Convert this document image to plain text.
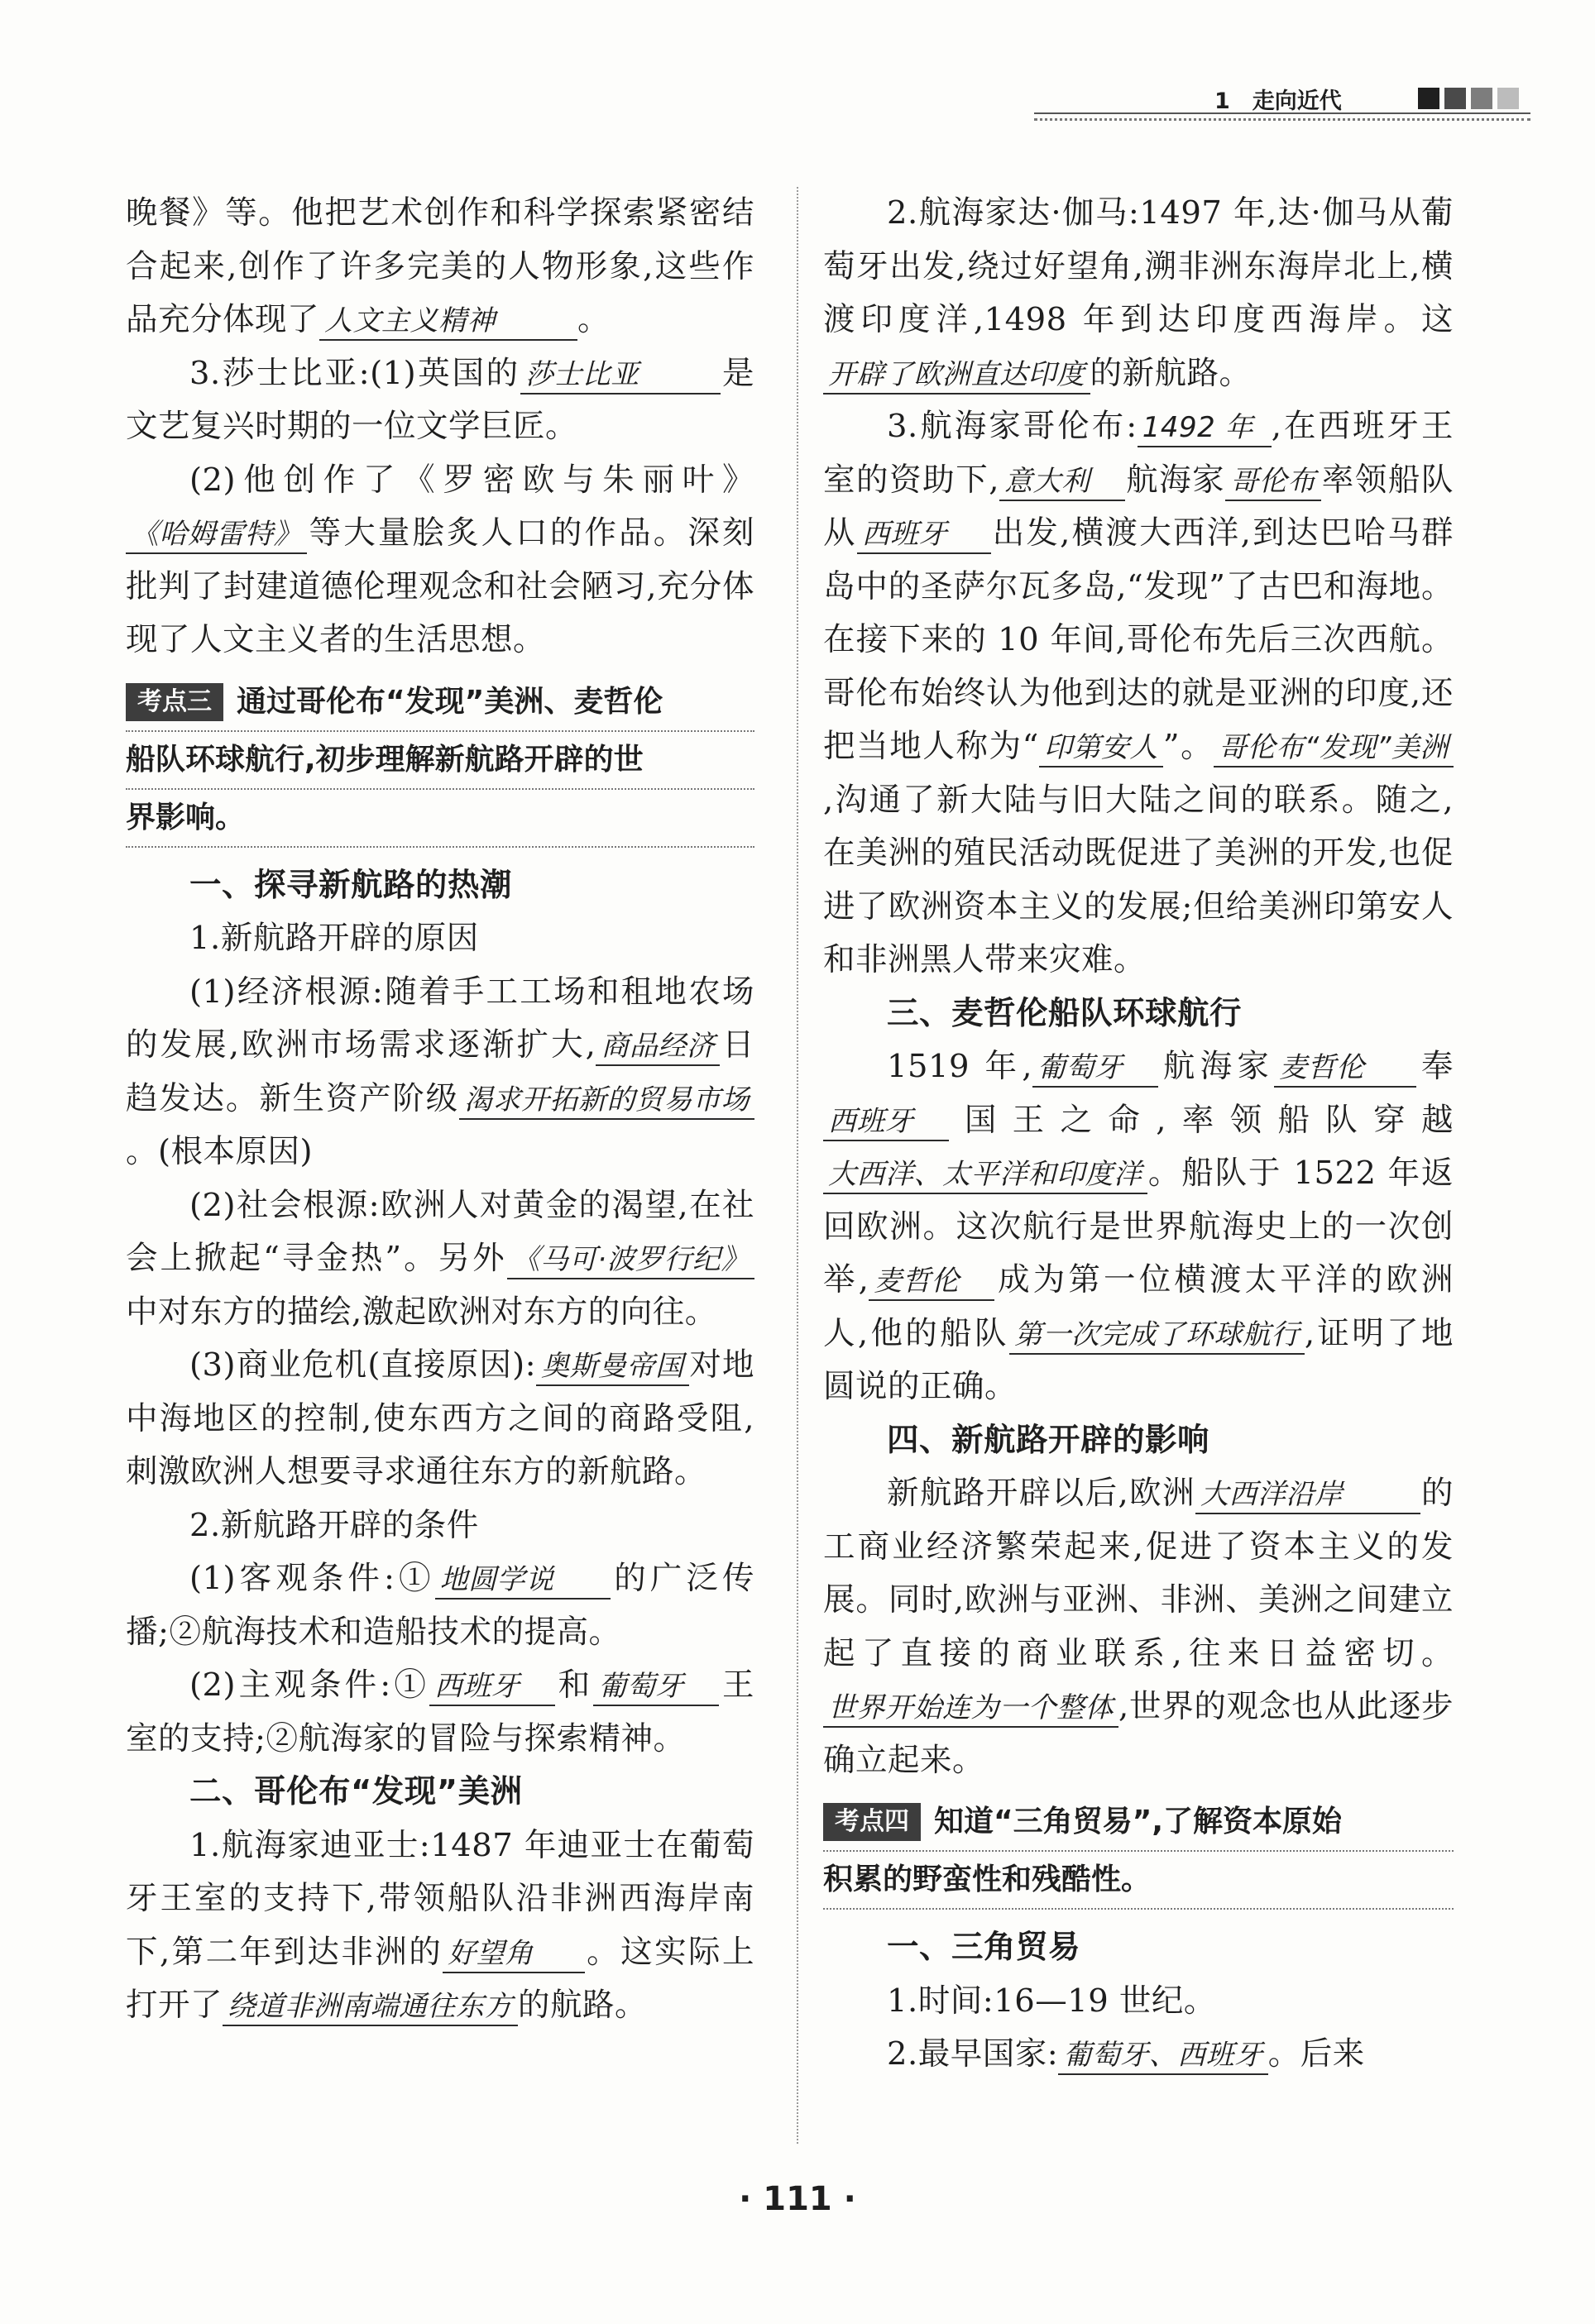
1　走向近代

晚餐》等。他把艺术创作和科学探索紧密结合起来,创作了许多完美的人物形象,这些作品充分体现了 人文主义精神	。

3.莎士比亚:(1)英国的 莎士比亚	是文艺复兴时期的一位文学巨匠。

(2)他创作了《罗密欧与朱丽叶》《哈姆雷特》 等大量脍炙人口的作品。深刻批判了封建道德伦理观念和社会陋习,充分体现了人文主义者的生活思想。

考点三 通过哥伦布“发现”美洲、麦哲伦

船队环球航行,初步理解新航路开辟的世

界影响。

一、探寻新航路的热潮

1.新航路开辟的原因

(1)经济根源:随着手工工场和租地农场的发展,欧洲市场需求逐渐扩大, 商品经济 日趋发达。新生资产阶级 渴求开拓新的贸易市场。(根本原因)

(2)社会根源:欧洲人对黄金的渴望,在社会上掀起“寻金热”。另外 《马可·波罗行纪》中对东方的描绘,激起欧洲对东方的向往。

(3)商业危机(直接原因): 奥斯曼帝国 对地中海地区的控制,使东西方之间的商路受阻,刺激欧洲人想要寻求通往东方的新航路。

2.新航路开辟的条件

(1)客观条件:① 地圆学说 的广泛传播;②航海技术和造船技术的提高。

(2)主观条件:① 西班牙 和 葡萄牙 王室的支持;②航海家的冒险与探索精神。

二、哥伦布“发现”美洲

1.航海家迪亚士:1487 年迪亚士在葡萄牙王室的支持下,带领船队沿非洲西海岸南下,第二年到达非洲的 好望角 。这实际上打开了 绕道非洲南端通往东方 的航路。

2.航海家达·伽马:1497 年,达·伽马从葡萄牙出发,绕过好望角,溯非洲东海岸北上,横渡印度洋,1498 年到达印度西海岸。这开辟了欧洲直达印度 的新航路。

3.航海家哥伦布: 1492 年 ,在西班牙王室的资助下, 意大利 航海家 哥伦布 率领船队从 西班牙 出发,横渡大西洋,到达巴哈马群岛中的圣萨尔瓦多岛,“发现”了古巴和海地。在接下来的 10 年间,哥伦布先后三次西航。哥伦布始终认为他到达的就是亚洲的印度,还把当地人称为“ 印第安人 ”。 哥伦布“发现”美洲,沟通了新大陆与旧大陆之间的联系。随之,在美洲的殖民活动既促进了美洲的开发,也促进了欧洲资本主义的发展;但给美洲印第安人和非洲黑人带来灾难。

三、麦哲伦船队环球航行

1519 年, 葡萄牙 航海家 麦哲伦 奉西班牙 国王之命,率领船队穿越大西洋、太平洋和印度洋 。船队于 1522 年返回欧洲。这次航行是世界航海史上的一次创举, 麦哲伦 成为第一位横渡太平洋的欧洲人,他的船队 第一次完成了环球航行 ,证明了地圆说的正确。

四、新航路开辟的影响

新航路开辟以后,欧洲 大西洋沿岸 的工商业经济繁荣起来,促进了资本主义的发展。同时,欧洲与亚洲、非洲、美洲之间建立起了直接的商业联系,往来日益密切。世界开始连为一个整体 ,世界的观念也从此逐步确立起来。

考点四 知道“三角贸易”,了解资本原始

积累的野蛮性和残酷性。

一、三角贸易

1.时间:16—19 世纪。

2.最早国家: 葡萄牙、西班牙 。后来

· 111 ·
